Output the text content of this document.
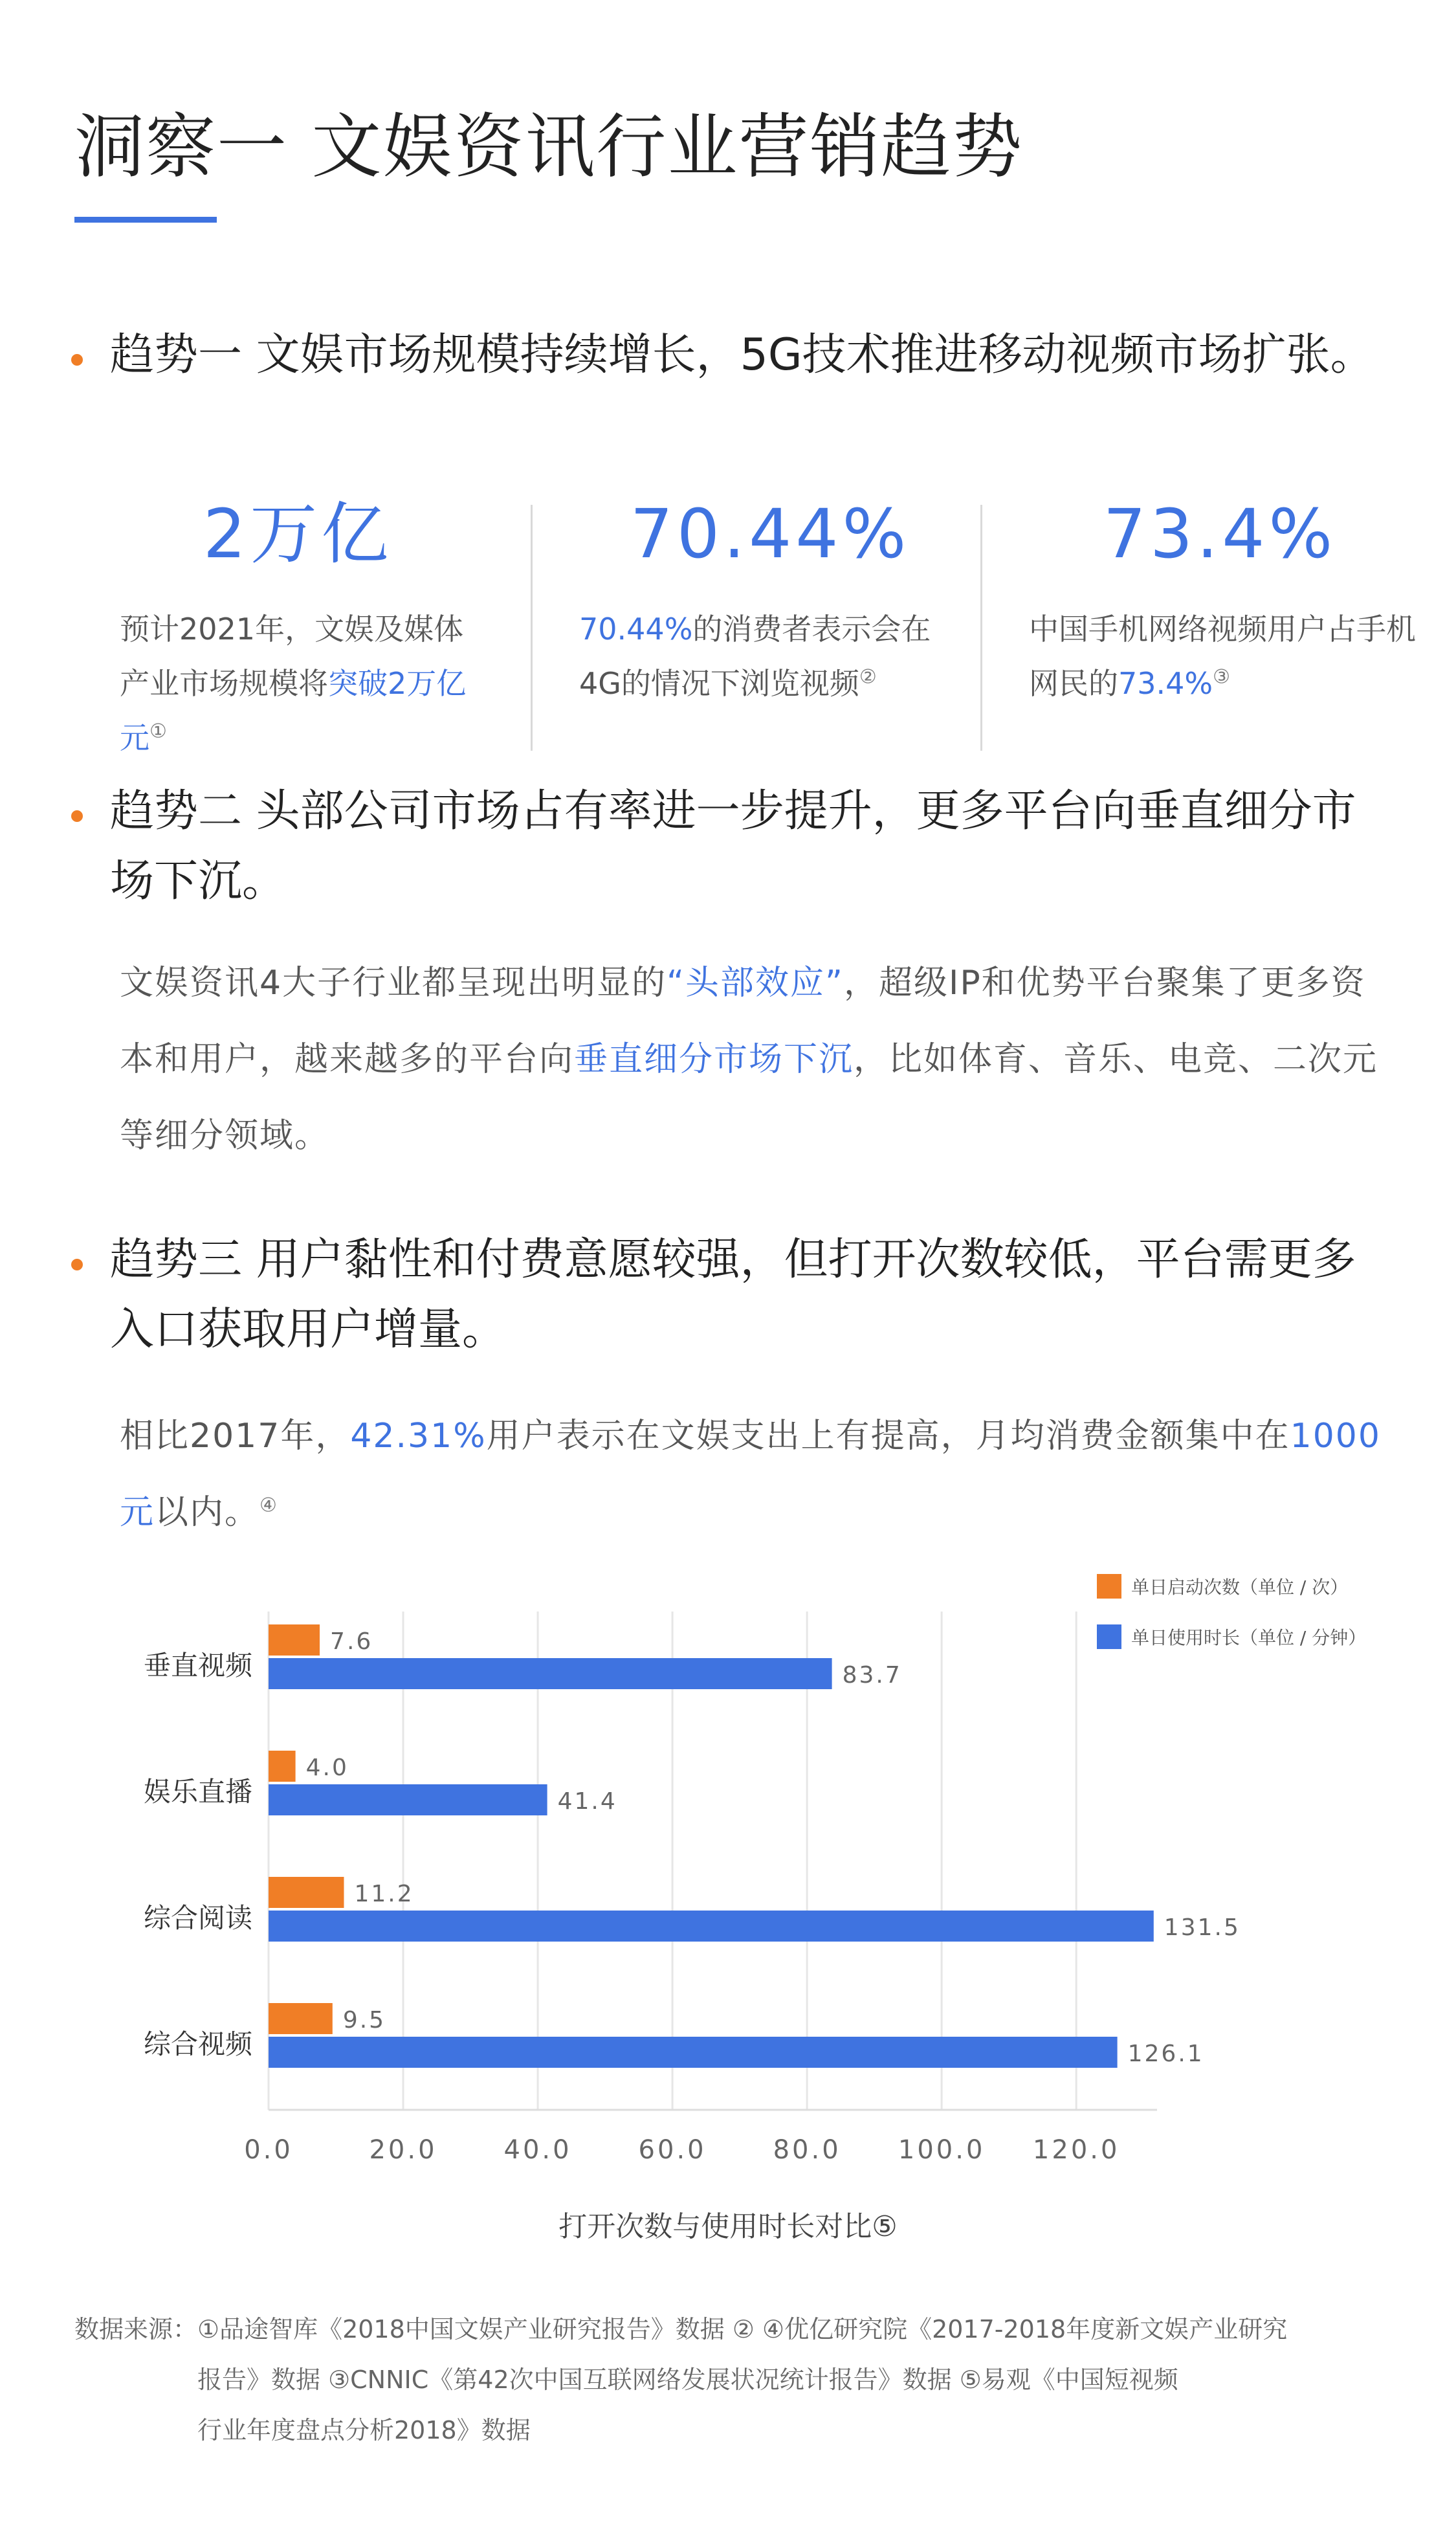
洞察一 文娱资讯行业营销趋势
趋势一 文娱市场规模持续增长，5G技术推进移动视频市场扩张。
2万亿
预计2021年，文娱及媒体产业市场规模将突破2万亿元①
70.44%
70.44%的消费者表示会在4G的情况下浏览视频②
73.4%
中国手机网络视频用户占手机网民的73.4%③
趋势二 头部公司市场占有率进一步提升，更多平台向垂直细分市场下沉。
文娱资讯4大子行业都呈现出明显的“头部效应”，超级IP和优势平台聚集了更多资本和用户，越来越多的平台向垂直细分市场下沉，比如体育、音乐、电竞、二次元等细分领域。
趋势三 用户黏性和付费意愿较强，但打开次数较低，平台需更多入口获取用户增量。
相比2017年，42.31%用户表示在文娱支出上有提高，月均消费金额集中在1000元以内。④
0.0	20.0	40.0	60.0	80.0 100.0 120.0
垂直视频
7.6
83.7
娱乐直播
4.0
41.4
综合阅读
11.2
131.5
综合视频
9.5
126.1
单日启动次数（单位 / 次）
单日使用时长（单位 / 分钟）
打开次数与使用时长对比⑤
数据来源：①品途智库《2018中国文娱产业研究报告》数据 ② ④优亿研究院《2017-2018年度新文娱产业研究
报告》数据 ③CNNIC《第42次中国互联网络发展状况统计报告》数据 ⑤易观《中国短视频
行业年度盘点分析2018》数据
